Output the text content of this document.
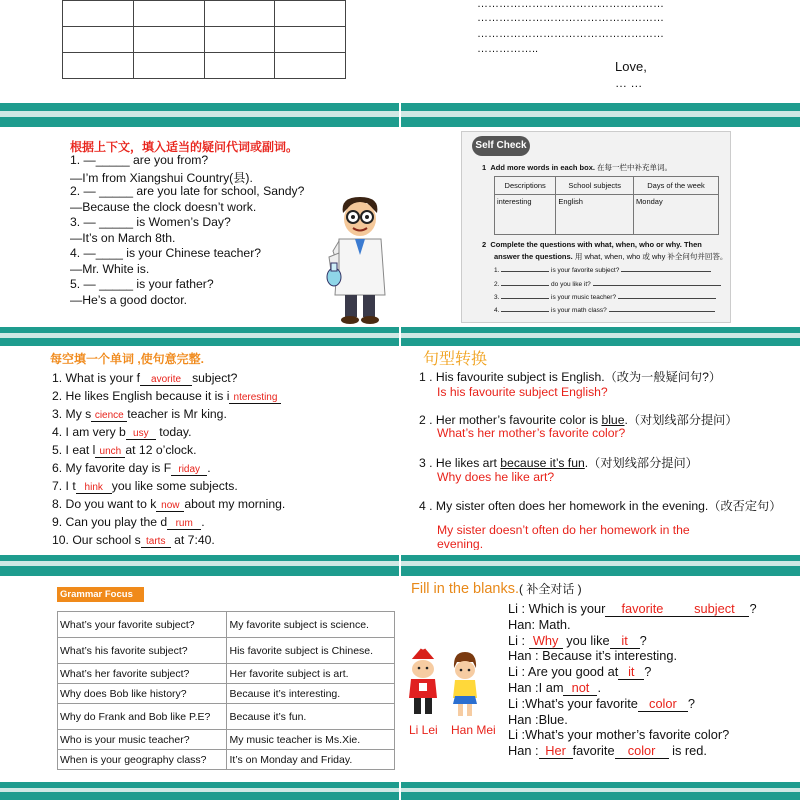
……………………………………………
……………………………………………
……………………………………………
……………..
Love,
… …
根据上下文，填入适当的疑问代词或副词。
1. —_____ are you from?
—I’m from Xiangshui Country(县).
2. — _____ are you late for school, Sandy?
—Because the clock doesn’t work.
3. — _____ is Women’s Day?
—It’s on March 8th.
4. —____ is your Chinese teacher?
—Mr. White is.
5. — _____ is your father?
—He’s a good doctor.
Self Check
1 Add more words in each box. 在每一栏中补充单词。
Descriptions	School subjects	Days of the week
interesting	English	Monday
2 Complete the questions with what, when, who or why. Then
answer the questions. 用 what, when, who 或 why 补全问句并回答。
1.	is your favorite subject?
2.	do you like it?
3.	is your music teacher?
4.	is your math class?
每空填一个单词 ,使句意完整.
1. What is your f avorite subject?
2. He likes English because it is i nteresting
3. My s cience teacher is Mr king.
4. I am very b usy today.
5. I eat l unch at 12 o’clock.
6. My favorite day is F riday .
7. I t hink you like some subjects.
8. Do you want to k now about my morning.
9. Can you play the d rum .
10. Our school s tarts at 7:40.
句型转换
1 . His favourite subject is English.（改为一般疑问句?）
Is his favourite subject English?
2 . Her mother’s favourite color is blue.（对划线部分提问）
What’s her mother’s favorite color?
3 . He likes art because it’s fun.（对划线部分提问）
Why does he like art?
4 . My sister often does her homework in the evening.（改否定句）
My sister doesn’t often do her homework in the
evening.
Grammar Focus
What’s your favorite subject?	My favorite subject is science.
What’s his favorite subject?	His favorite subject is Chinese.
What’s her favorite subject?	Her favorite subject is art.
Why does Bob like history?	Because it’s interesting.
Why do Frank and Bob like P.E?	Because it’s fun.
Who is your music teacher?	My music teacher is Ms.Xie.
When is your geography class?	It’s on Monday and Friday.
Fill in the blanks.( 补全对话 )
Li Lei Han Mei
Li : Which is your favorite subject ?
Han: Math.
Li : Why you like it ?
Han : Because it’s interesting.
Li : Are you good at it ?
Han :I am not .
Li :What’s your favorite color ?
Han :Blue.
Li :What’s your mother’s favorite color?
Han : Her favorite color is red.
